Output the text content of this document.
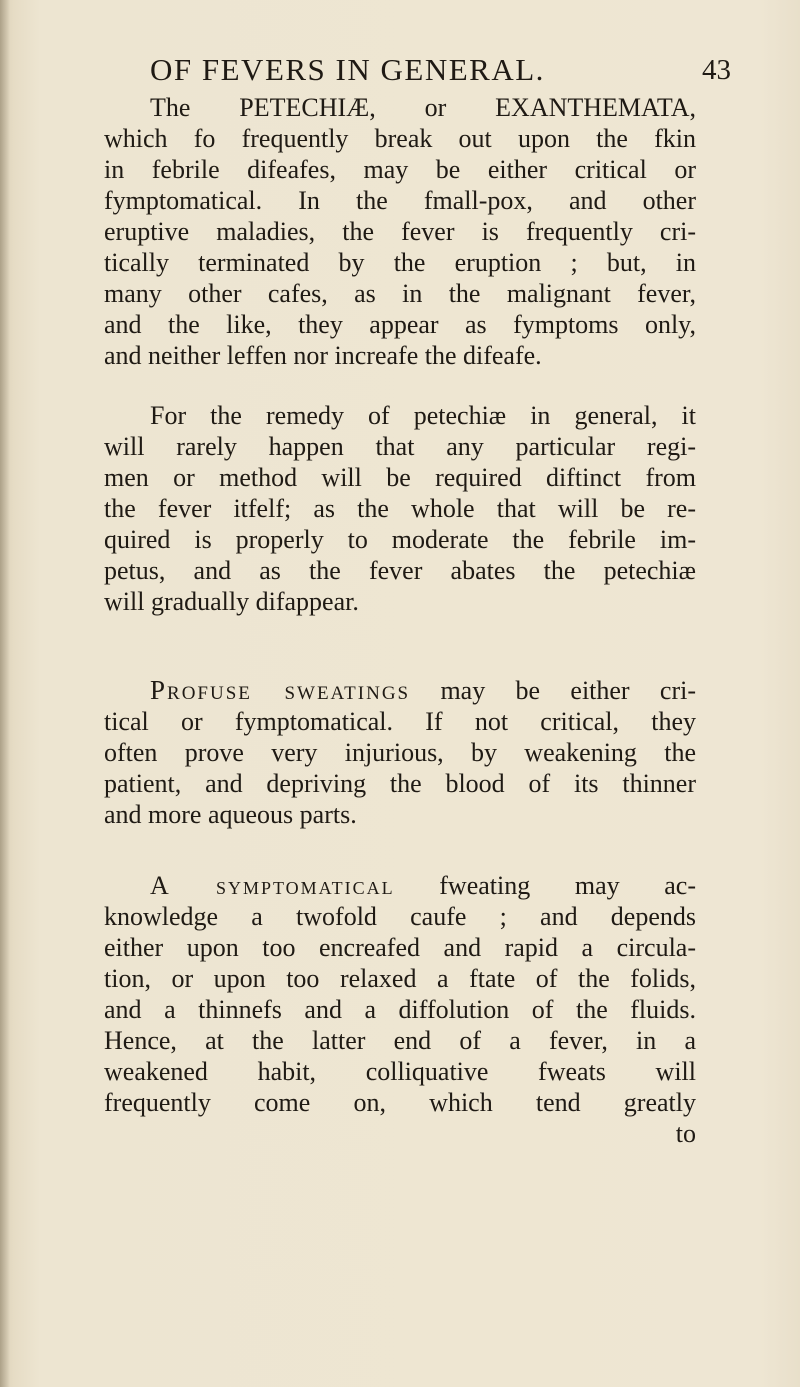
OF FEVERS IN GENERAL.	43
The PETECHIÆ, or EXANTHEMATA,
which fo frequently break out upon the fkin
in febrile difeafes, may be either critical or
fymptomatical. In the fmall-pox, and other
eruptive maladies, the fever is frequently cri-
tically terminated by the eruption ; but, in
many other cafes, as in the malignant fever,
and the like, they appear as fymptoms only,
and neither leffen nor increafe the difeafe.
For the remedy of petechiæ in general, it
will rarely happen that any particular regi-
men or method will be required diftinct from
the fever itfelf; as the whole that will be re-
quired is properly to moderate the febrile im-
petus, and as the fever abates the petechiæ
will gradually difappear.
Profuse sweatings may be either cri-
tical or fymptomatical. If not critical, they
often prove very injurious, by weakening the
patient, and depriving the blood of its thinner
and more aqueous parts.
A symptomatical fweating may ac-
knowledge a twofold caufe ; and depends
either upon too encreafed and rapid a circula-
tion, or upon too relaxed a ftate of the folids,
and a thinnefs and a diffolution of the fluids.
Hence, at the latter end of a fever, in a
weakened habit, colliquative fweats will
frequently come on, which tend greatly
to
